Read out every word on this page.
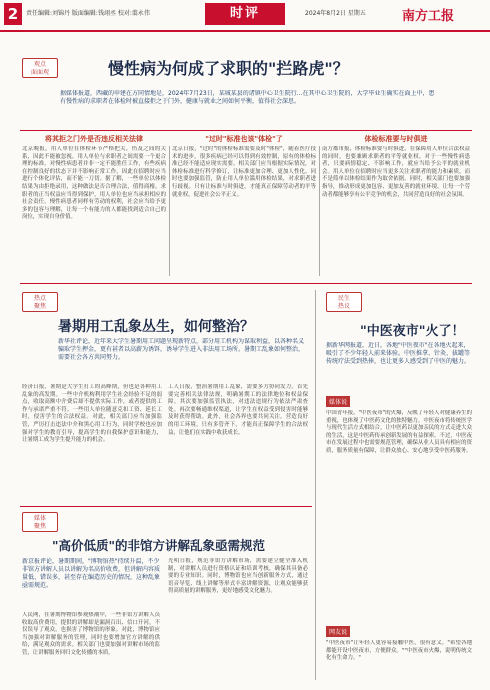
2	责任编辑:刘锦丹 版面编辑:钱翊丞 校对:翦永伟	时评	2024年8月2日 星期五	南方工报
观点
面面观	慢性病为何成了求职的"拦路虎"？
据媒体报道，西藏的申建在方同情地是，2024年7月23日，某城某县的诸镇中心卫生院行...在其中心卫生院的，大学毕业生确实在面上中，患有慢性病的求职者在体检时被直接拒之于门外，健康与就业之间如何平衡，值得社会深思。
将其拒之门外是否违反相关法律	"过时"标准也该"体检"了	体检标准要与时俱进
北京晚报，用人单位在体检环节严格把关，伤及之间的关系，因此不能被忽视。用人单位与求职者之间需要一个更合理的标准。对慢性病患者并非一定不能胜任工作，有些疾病在控制良好的状态下并不影响正常工作，因此在招聘时应当进行个体化评估，而不能一刀切。据了解，一些单位以体检结果为由拒绝录用，这种做法是否合理合法，值得商榷。求职者的正当权益应当得到保护，用人单位也应当承担相应的社会责任。慢性病患者同样有劳动的权利，社会应当给予更多的包容与理解，让每一个有能力的人都能找到适合自己的岗位，实现自身价值。
北京日报，"过时"的体检标准需要及时"体检"，随着医疗技术的进步，很多疾病已经可以得到有效控制，原有的体检标准已经不能适应现实需要。相关部门应当根据实际情况，对体检标准进行科学修订，让标准更加合理、更加人性化。同时也要加强监管，防止用人单位滥用体检结果，对求职者进行歧视。只有让标准与时俱进，才能真正保障劳动者的平等就业权，促进社会公平正义。
南方都市报，体检标准要与时俱进，在保障用人单位合法权益的同时，也要兼顾求职者的平等就业权。对于一些慢性病患者，只要病情稳定、不影响工作，就应当给予公平的就业机会。用人单位在招聘时应当更多关注求职者的能力和素质，而不是简单以体检结果作为取舍依据。同时，相关部门也要加强指导，推动形成更加包容、更加友善的就业环境，让每一个劳动者都能够享有公平竞争的机会，共同营造良好的社会氛围。
热点
聚焦
暑期用工乱象丛生，如何整治？
新华社评论，近年来大学生暑期用工问题呈现新特点，部分用工机构为谋取利益，以各种名义骗取学生押金，更有甚者以高薪为诱饵，诱导学生进入非法用工场所。暑期工乱象如何整治，需要社会各方共同努力。
经济日报，暑期是大学生打工的高峰期，但也是各种用工乱象的高发期。一些中介机构利用学生社会经验不足的弱点，收取高额中介费后却不提供实际工作，或者提供的工作与承诺严重不符。一些用人单位随意克扣工资、延长工时，侵害学生的合法权益。对此，相关部门应当加强监管，严厉打击违法中介和黑心用工行为，同时学校也应加强对学生的教育引导，提高学生的自我保护意识和能力，让暑期工成为学生提升能力的机会。
工人日报，整治暑期用工乱象，需要多方协同发力。首先要完善相关法律法规，明确暑期工的法律地位和权益保障。其次要加强监管执法，对违法违规行为依法严肃查处。再次要畅通维权渠道，让学生在权益受到侵害时能够及时获得帮助。此外，社会各界也要共同关注，营造良好的用工环境。只有多管齐下，才能真正保障学生的合法权益，让他们在实践中收获成长。
民生
热议
"中医夜市"火了！
据新华网报道，近日，各地"中医夜市"在各地火起来，吸引了不少年轻人前来体验。中医推拿、针灸、拔罐等传统疗法受到热捧，也让更多人感受到了中医的魅力。
媒体说
中国青年报，"中医夜市"的火爆，反映了年轻人对健康养生的重视，也体现了中医药文化的独特魅力。中医夜市将传统医学与现代生活方式相结合，让中医药以更加亲民的方式走进大众的生活，这是中医药传承创新发展的有益探索。不过，中医夜市在发展过程中也需要规范管理，确保从业人员具有相应的资质，服务质量有保障，让群众放心、安心地享受中医药服务。
网友说
"中医夜市"让年轻人更容易接触中医，很有意义。"希望各地都能开设中医夜市，方便群众。""中医夜市火爆，说明传统文化有生命力。"
媒体
聚焦
"高价低质"的非馆方讲解乱象亟需规范
新京报评论，暑期期间，"博物馆热"持续升温，不少非馆方讲解人员以讲解为名高价收费，但讲解内容质量低、错误多，甚至存在编造历史的情况，这种乱象亟需规范。
人民网，在暑期博物馆参观热潮中，一些非馆方讲解人员收取高价费用，提供的讲解却是漏洞百出、信口开河，不仅误导了观众，也损害了博物馆的形象。对此，博物馆应当加强对讲解服务的管理，同时也要增加官方讲解的供给，满足观众的需求。相关部门也要加强对讲解市场的监管，让讲解服务回归文化传播的本质。
光明日报，规范非馆方讲解市场，需要建立健全准入机制，对讲解人员进行资格认证和培训考核，确保其具备必要的专业知识。同时，博物馆也应当创新服务方式，通过语音导览、线上讲解等形式丰富讲解资源，让观众能够获得高质量的讲解服务，更好地感受文化魅力。
